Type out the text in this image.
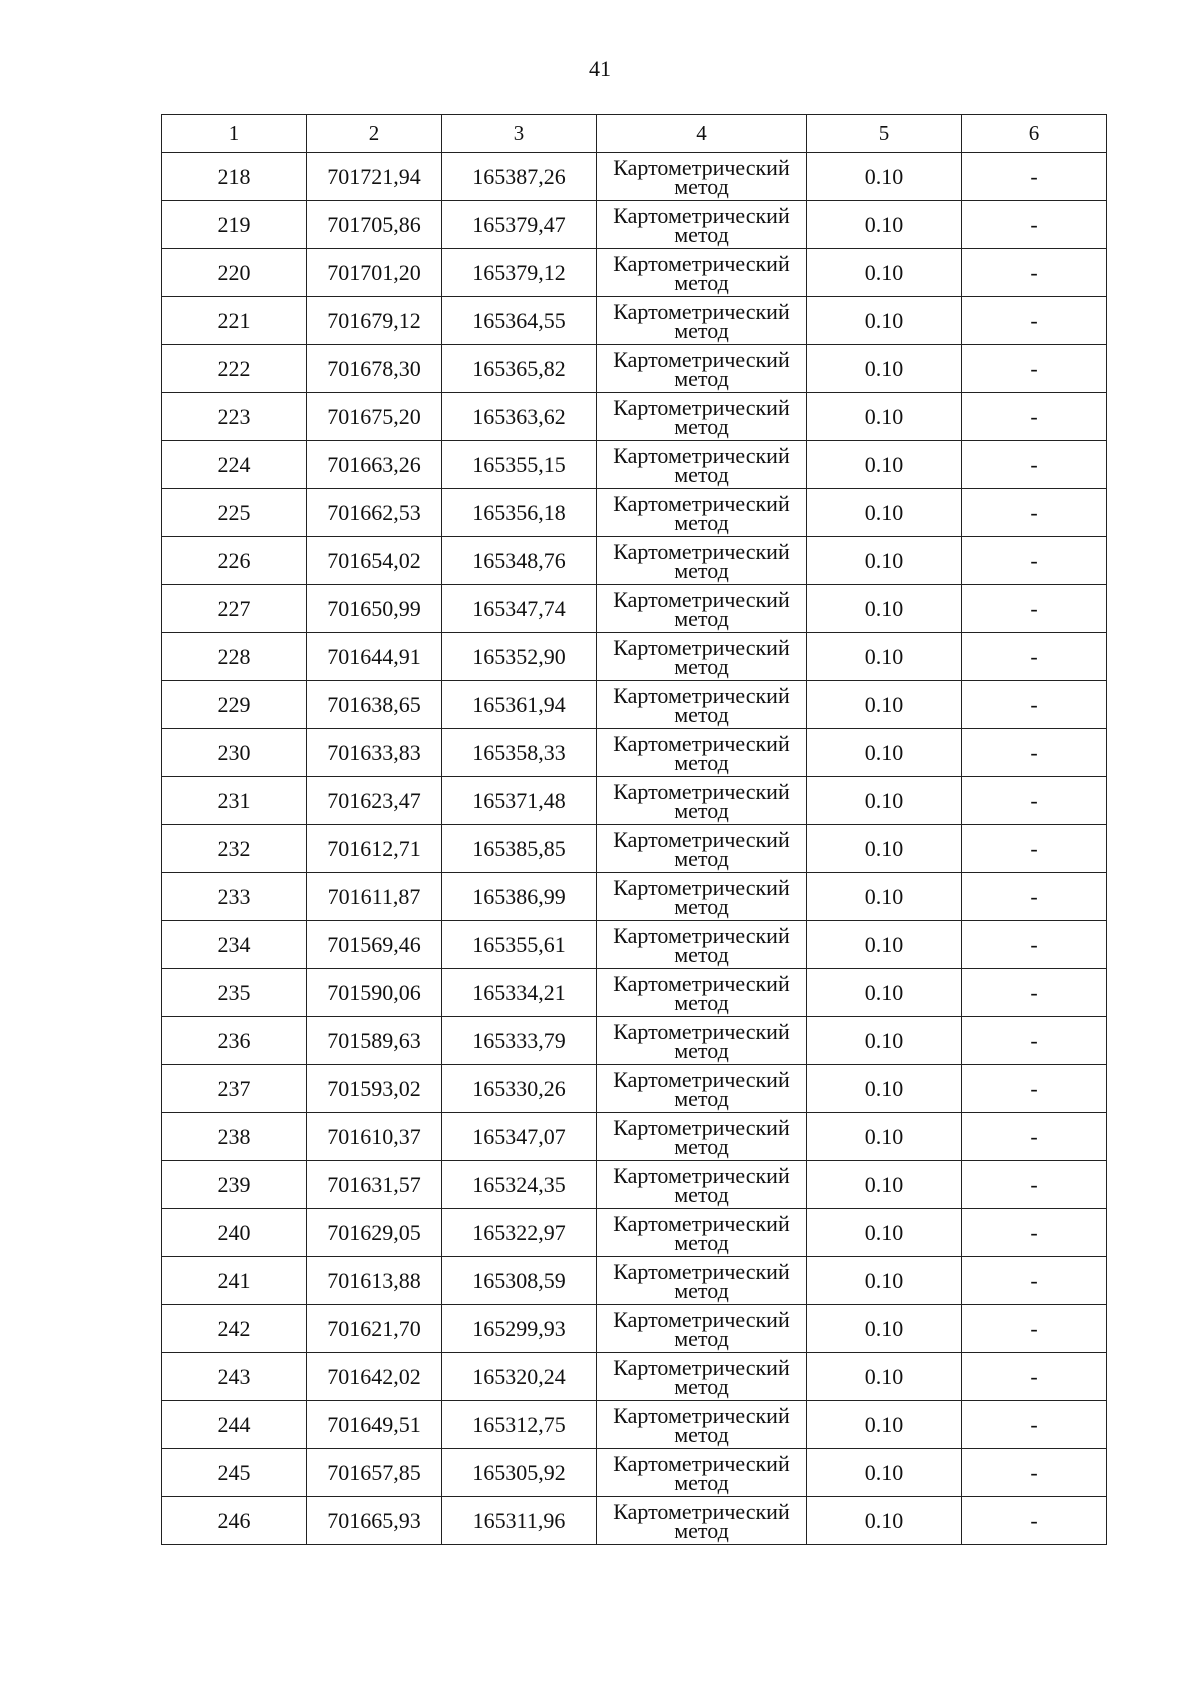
41
1	2	3	4	5	6
218	701721,94	165387,26	Картометрический метод	0.10	-
219	701705,86	165379,47	Картометрический метод	0.10	-
220	701701,20	165379,12	Картометрический метод	0.10	-
221	701679,12	165364,55	Картометрический метод	0.10	-
222	701678,30	165365,82	Картометрический метод	0.10	-
223	701675,20	165363,62	Картометрический метод	0.10	-
224	701663,26	165355,15	Картометрический метод	0.10	-
225	701662,53	165356,18	Картометрический метод	0.10	-
226	701654,02	165348,76	Картометрический метод	0.10	-
227	701650,99	165347,74	Картометрический метод	0.10	-
228	701644,91	165352,90	Картометрический метод	0.10	-
229	701638,65	165361,94	Картометрический метод	0.10	-
230	701633,83	165358,33	Картометрический метод	0.10	-
231	701623,47	165371,48	Картометрический метод	0.10	-
232	701612,71	165385,85	Картометрический метод	0.10	-
233	701611,87	165386,99	Картометрический метод	0.10	-
234	701569,46	165355,61	Картометрический метод	0.10	-
235	701590,06	165334,21	Картометрический метод	0.10	-
236	701589,63	165333,79	Картометрический метод	0.10	-
237	701593,02	165330,26	Картометрический метод	0.10	-
238	701610,37	165347,07	Картометрический метод	0.10	-
239	701631,57	165324,35	Картометрический метод	0.10	-
240	701629,05	165322,97	Картометрический метод	0.10	-
241	701613,88	165308,59	Картометрический метод	0.10	-
242	701621,70	165299,93	Картометрический метод	0.10	-
243	701642,02	165320,24	Картометрический метод	0.10	-
244	701649,51	165312,75	Картометрический метод	0.10	-
245	701657,85	165305,92	Картометрический метод	0.10	-
246	701665,93	165311,96	Картометрический метод	0.10	-
